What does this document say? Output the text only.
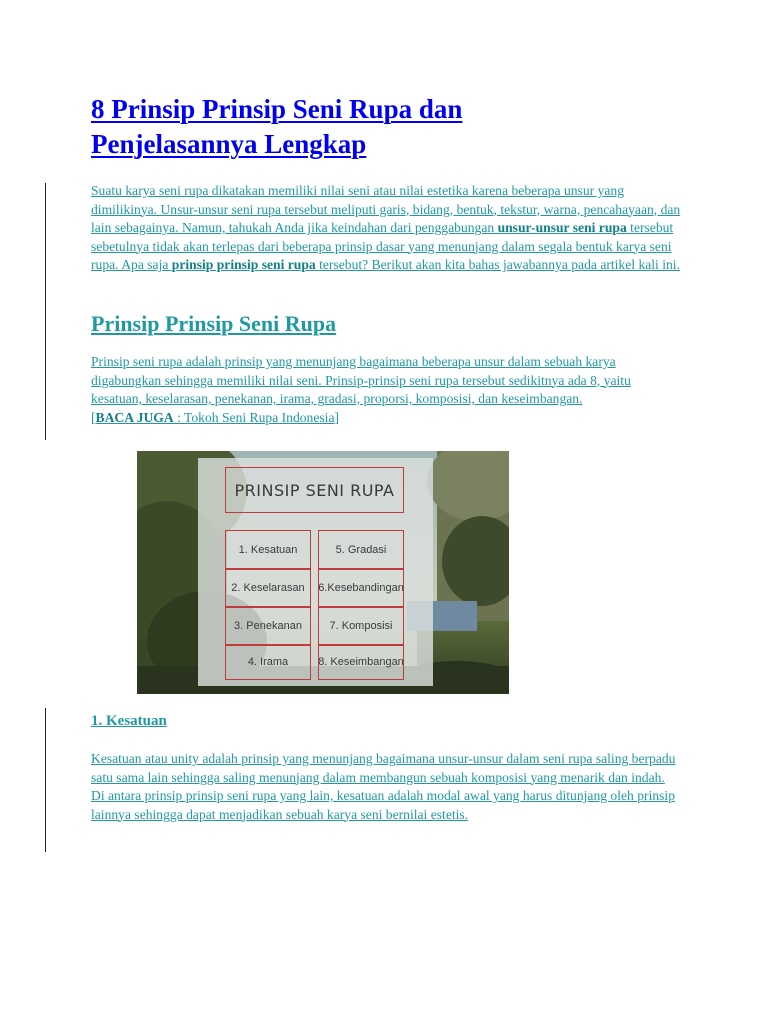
8 Prinsip Prinsip Seni Rupa dan
Penjelasannya Lengkap

Suatu karya seni rupa dikatakan memiliki nilai seni atau nilai estetika karena beberapa unsur yang dimilikinya. Unsur-unsur seni rupa tersebut meliputi garis, bidang, bentuk, tekstur, warna, pencahayaan, dan lain sebagainya. Namun, tahukah Anda jika keindahan dari penggabungan unsur-unsur seni rupa tersebut sebetulnya tidak akan terlepas dari beberapa prinsip dasar yang menunjang dalam segala bentuk karya seni rupa. Apa saja prinsip prinsip seni rupa tersebut? Berikut akan kita bahas jawabannya pada artikel kali ini.

Prinsip Prinsip Seni Rupa

Prinsip seni rupa adalah prinsip yang menunjang bagaimana beberapa unsur dalam sebuah karya digabungkan sehingga memiliki nilai seni. Prinsip-prinsip seni rupa tersebut sedikitnya ada 8, yaitu kesatuan, keselarasan, penekanan, irama, gradasi, proporsi, komposisi, dan keseimbangan.
[BACA JUGA : Tokoh Seni Rupa Indonesia]

PRINSIP SENI RUPA
1. Kesatuan
2. Keselarasan
3. Penekanan
4. Irama
5. Gradasi
6.Kesebandingan
7. Komposisi
8. Keseimbangan
1. Kesatuan

Kesatuan atau unity adalah prinsip yang menunjang bagaimana unsur-unsur dalam seni rupa saling berpadu satu sama lain sehingga saling menunjang dalam membangun sebuah komposisi yang menarik dan indah. Di antara prinsip prinsip seni rupa yang lain, kesatuan adalah modal awal yang harus ditunjang oleh prinsip lainnya sehingga dapat menjadikan sebuah karya seni bernilai estetis.
